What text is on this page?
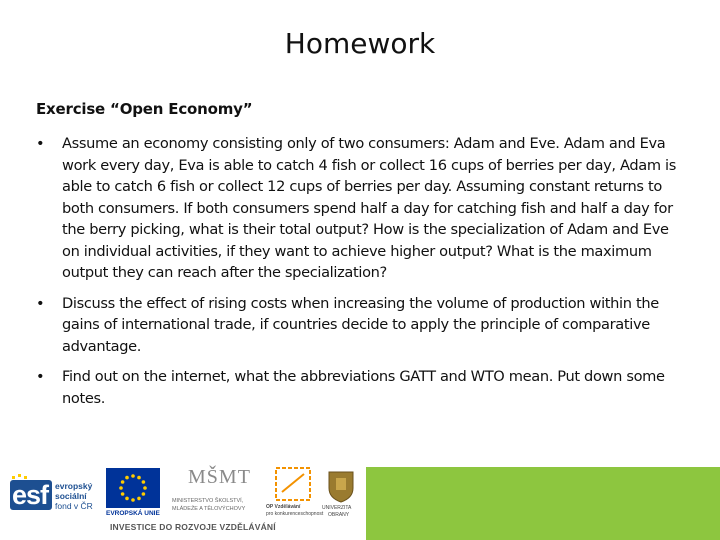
Homework
Exercise “Open Economy”
• Assume an economy consisting only of two consumers: Adam and Eve. Adam and Eva work every day, Eva is able to catch 4 fish or collect 16 cups of berries per day, Adam is able to catch 6 fish or collect 12 cups of berries per day. Assuming constant returns to both consumers. If both consumers spend half a day for catching fish and half a day for the berry picking, what is their total output? How is the specialization of Adam and Eve on individual activities, if they want to achieve higher output? What is the maximum output they can reach after the specialization?
• Discuss the effect of rising costs when increasing the volume of production within the gains of international trade, if countries decide to apply the principle of comparative advantage.
• Find out on the internet, what the abbreviations GATT and WTO mean. Put down some notes.
esf evropský
sociální
fond v ČR
EVROPSKÁ UNIE
MŠMT
MINISTERSTVO ŠKOLSTVÍ,
MLÁDEŽE A TĚLOVÝCHOVY	OP Vzdělávání
pro konkurenceschopnost
UNIVERZITA
OBRANY
INVESTICE DO ROZVOJE VZDĚLÁVÁNÍ
